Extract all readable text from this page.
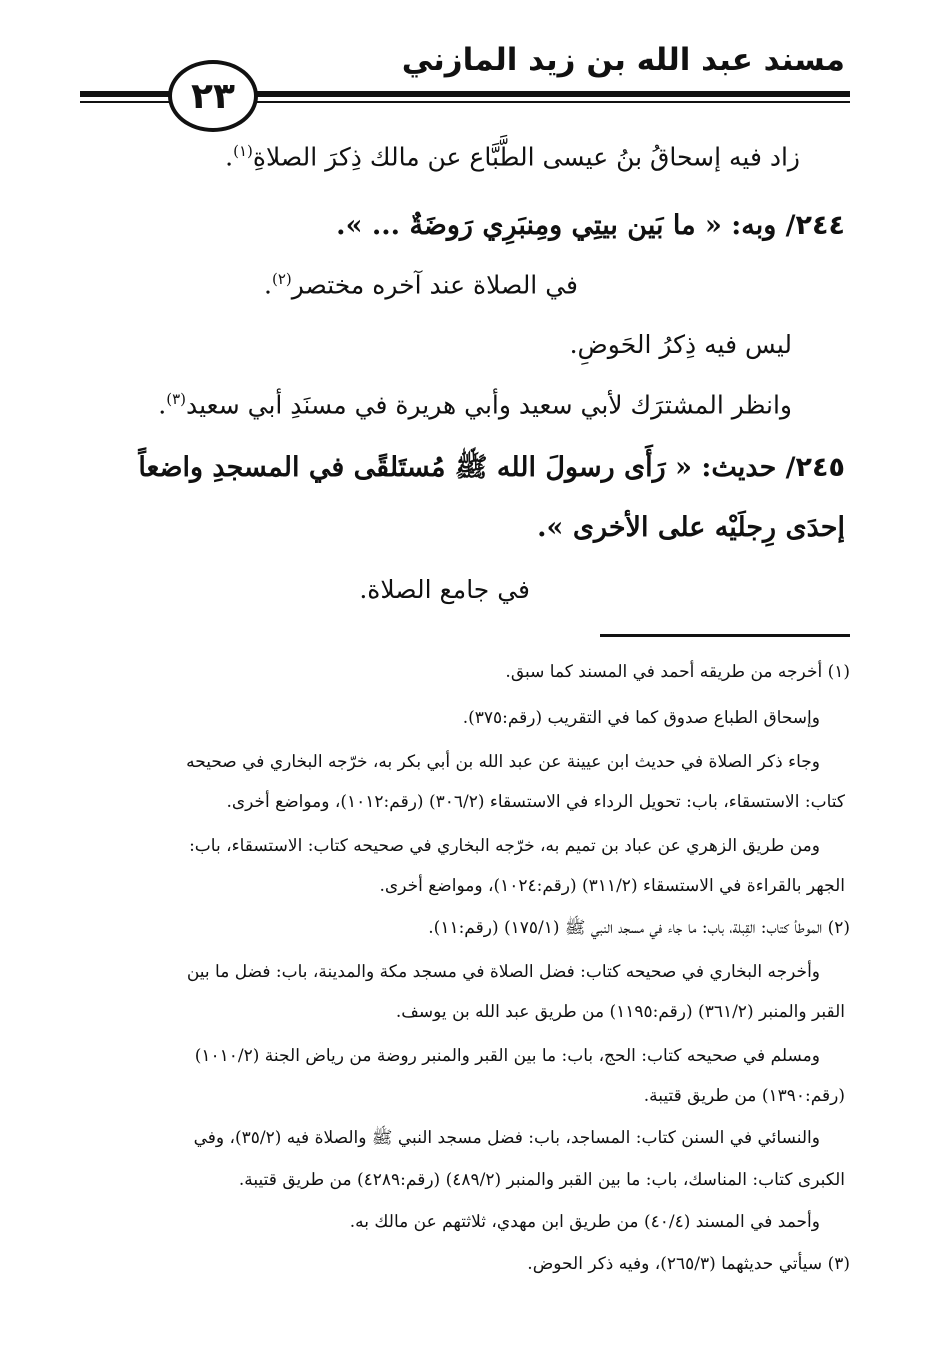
مسند عبد الله بن زيد المازني
٢٣
زاد فيه إسحاقُ بنُ عيسى الطَّبَّاع عن مالك ذِكرَ الصلاةِ$^{(١)}$.
٢٤٤/ وبه: « ما بَين بيتِي ومِنبَرِي رَوضَةٌ ... ».
في الصلاة عند آخره مختصر$^{(٢)}$.
ليس فيه ذِكرُ الحَوضِ.
وانظر المشترَك لأبي سعيد وأبي هريرة في مسنَدِ أبي سعيد$^{(٣)}$.
٢٤٥/ حديث: « رَأَى رسولَ الله ﷺ مُستَلقًى في المسجدِ واضعاً
إحدَى رِجلَيْه على الأخرى ».
في جامع الصلاة.
(١) أخرجه من طريقه أحمد في المسند كما سبق.
وإسحاق الطباع صدوق كما في التقريب (رقم:٣٧٥).
وجاء ذكر الصلاة في حديث ابن عيينة عن عبد الله بن أبي بكر به، خرّجه البخاري في صحيحه
كتاب: الاستسقاء، باب: تحويل الرداء في الاستسقاء (٣٠٦/٢) (رقم:١٠١٢)، ومواضع أخرى.
ومن طريق الزهري عن عباد بن تميم به، خرّجه البخاري في صحيحه كتاب: الاستسقاء، باب:
الجهر بالقراءة في الاستسقاء (٣١١/٢) (رقم:١٠٢٤)، ومواضع أخرى.
(٢) الموطأ كتاب: القِبلة، باب: ما جاء في مسجد النبي ﷺ (١٧٥/١) (رقم:١١).
وأخرجه البخاري في صحيحه كتاب: فضل الصلاة في مسجد مكة والمدينة، باب: فضل ما بين
القبر والمنبر (٣٦١/٢) (رقم:١١٩٥) من طريق عبد الله بن يوسف.
ومسلم في صحيحه كتاب: الحج، باب: ما بين القبر والمنبر روضة من رياض الجنة (١٠١٠/٢)
(رقم:١٣٩٠) من طريق قتيبة.
والنسائي في السنن كتاب: المساجد، باب: فضل مسجد النبي ﷺ والصلاة فيه (٣٥/٢)، وفي
الكبرى كتاب: المناسك، باب: ما بين القبر والمنبر (٤٨٩/٢) (رقم:٤٢٨٩) من طريق قتيبة.
وأحمد في المسند (٤٠/٤) من طريق ابن مهدي، ثلاثتهم عن مالك به.
(٣) سيأتي حديثهما (٢٦٥/٣)، وفيه ذكر الحوض.
